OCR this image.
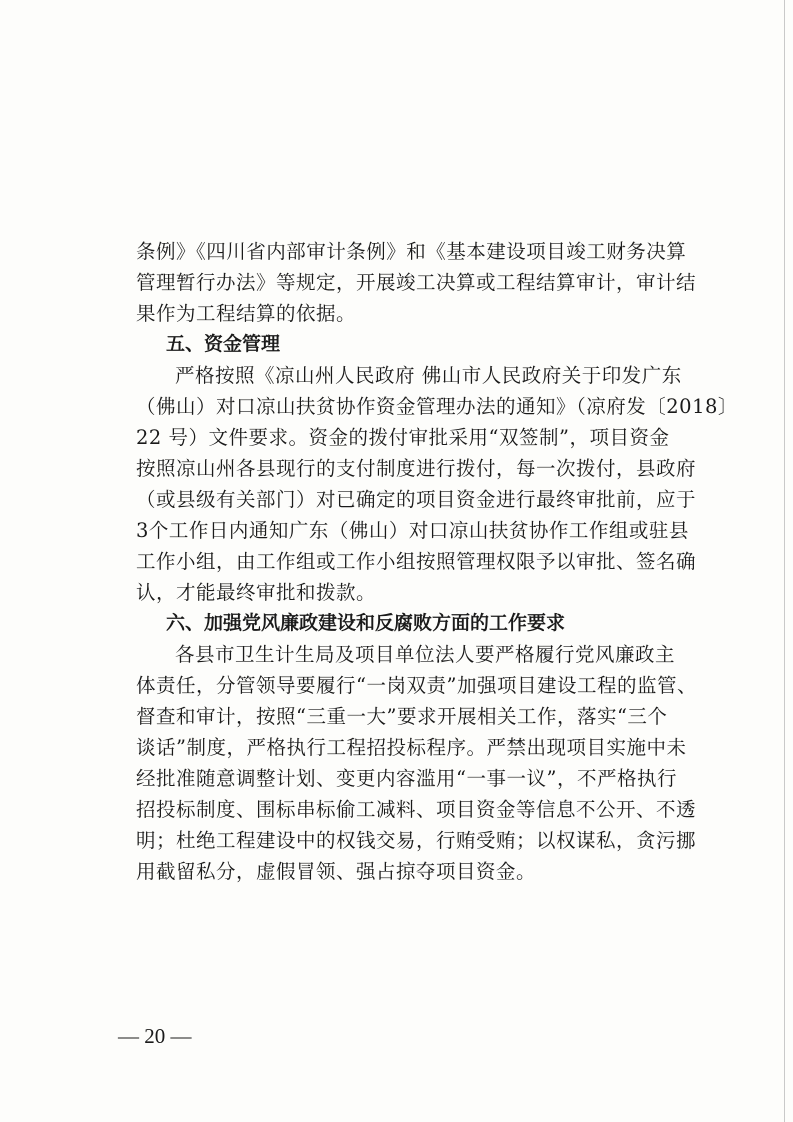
条例》《四川省内部审计条例》和《基本建设项目竣工财务决算
管理暂行办法》等规定，开展竣工决算或工程结算审计，审计结
果作为工程结算的依据。
五、资金管理
严格按照《凉山州人民政府 佛山市人民政府关于印发广东
（佛山）对口凉山扶贫协作资金管理办法的通知》（凉府发〔2018〕
22 号）文件要求。资金的拨付审批采用“双签制”，项目资金
按照凉山州各县现行的支付制度进行拨付，每一次拨付，县政府
（或县级有关部门）对已确定的项目资金进行最终审批前，应于
3个工作日内通知广东（佛山）对口凉山扶贫协作工作组或驻县
工作小组，由工作组或工作小组按照管理权限予以审批、签名确
认，才能最终审批和拨款。
六、加强党风廉政建设和反腐败方面的工作要求
各县市卫生计生局及项目单位法人要严格履行党风廉政主
体责任，分管领导要履行“一岗双责”加强项目建设工程的监管、
督查和审计，按照“三重一大”要求开展相关工作，落实“三个
谈话”制度，严格执行工程招投标程序。严禁出现项目实施中未
经批准随意调整计划、变更内容滥用“一事一议”，不严格执行
招投标制度、围标串标偷工减料、项目资金等信息不公开、不透
明；杜绝工程建设中的权钱交易，行贿受贿；以权谋私，贪污挪
用截留私分，虚假冒领、强占掠夺项目资金。
— 20 —
